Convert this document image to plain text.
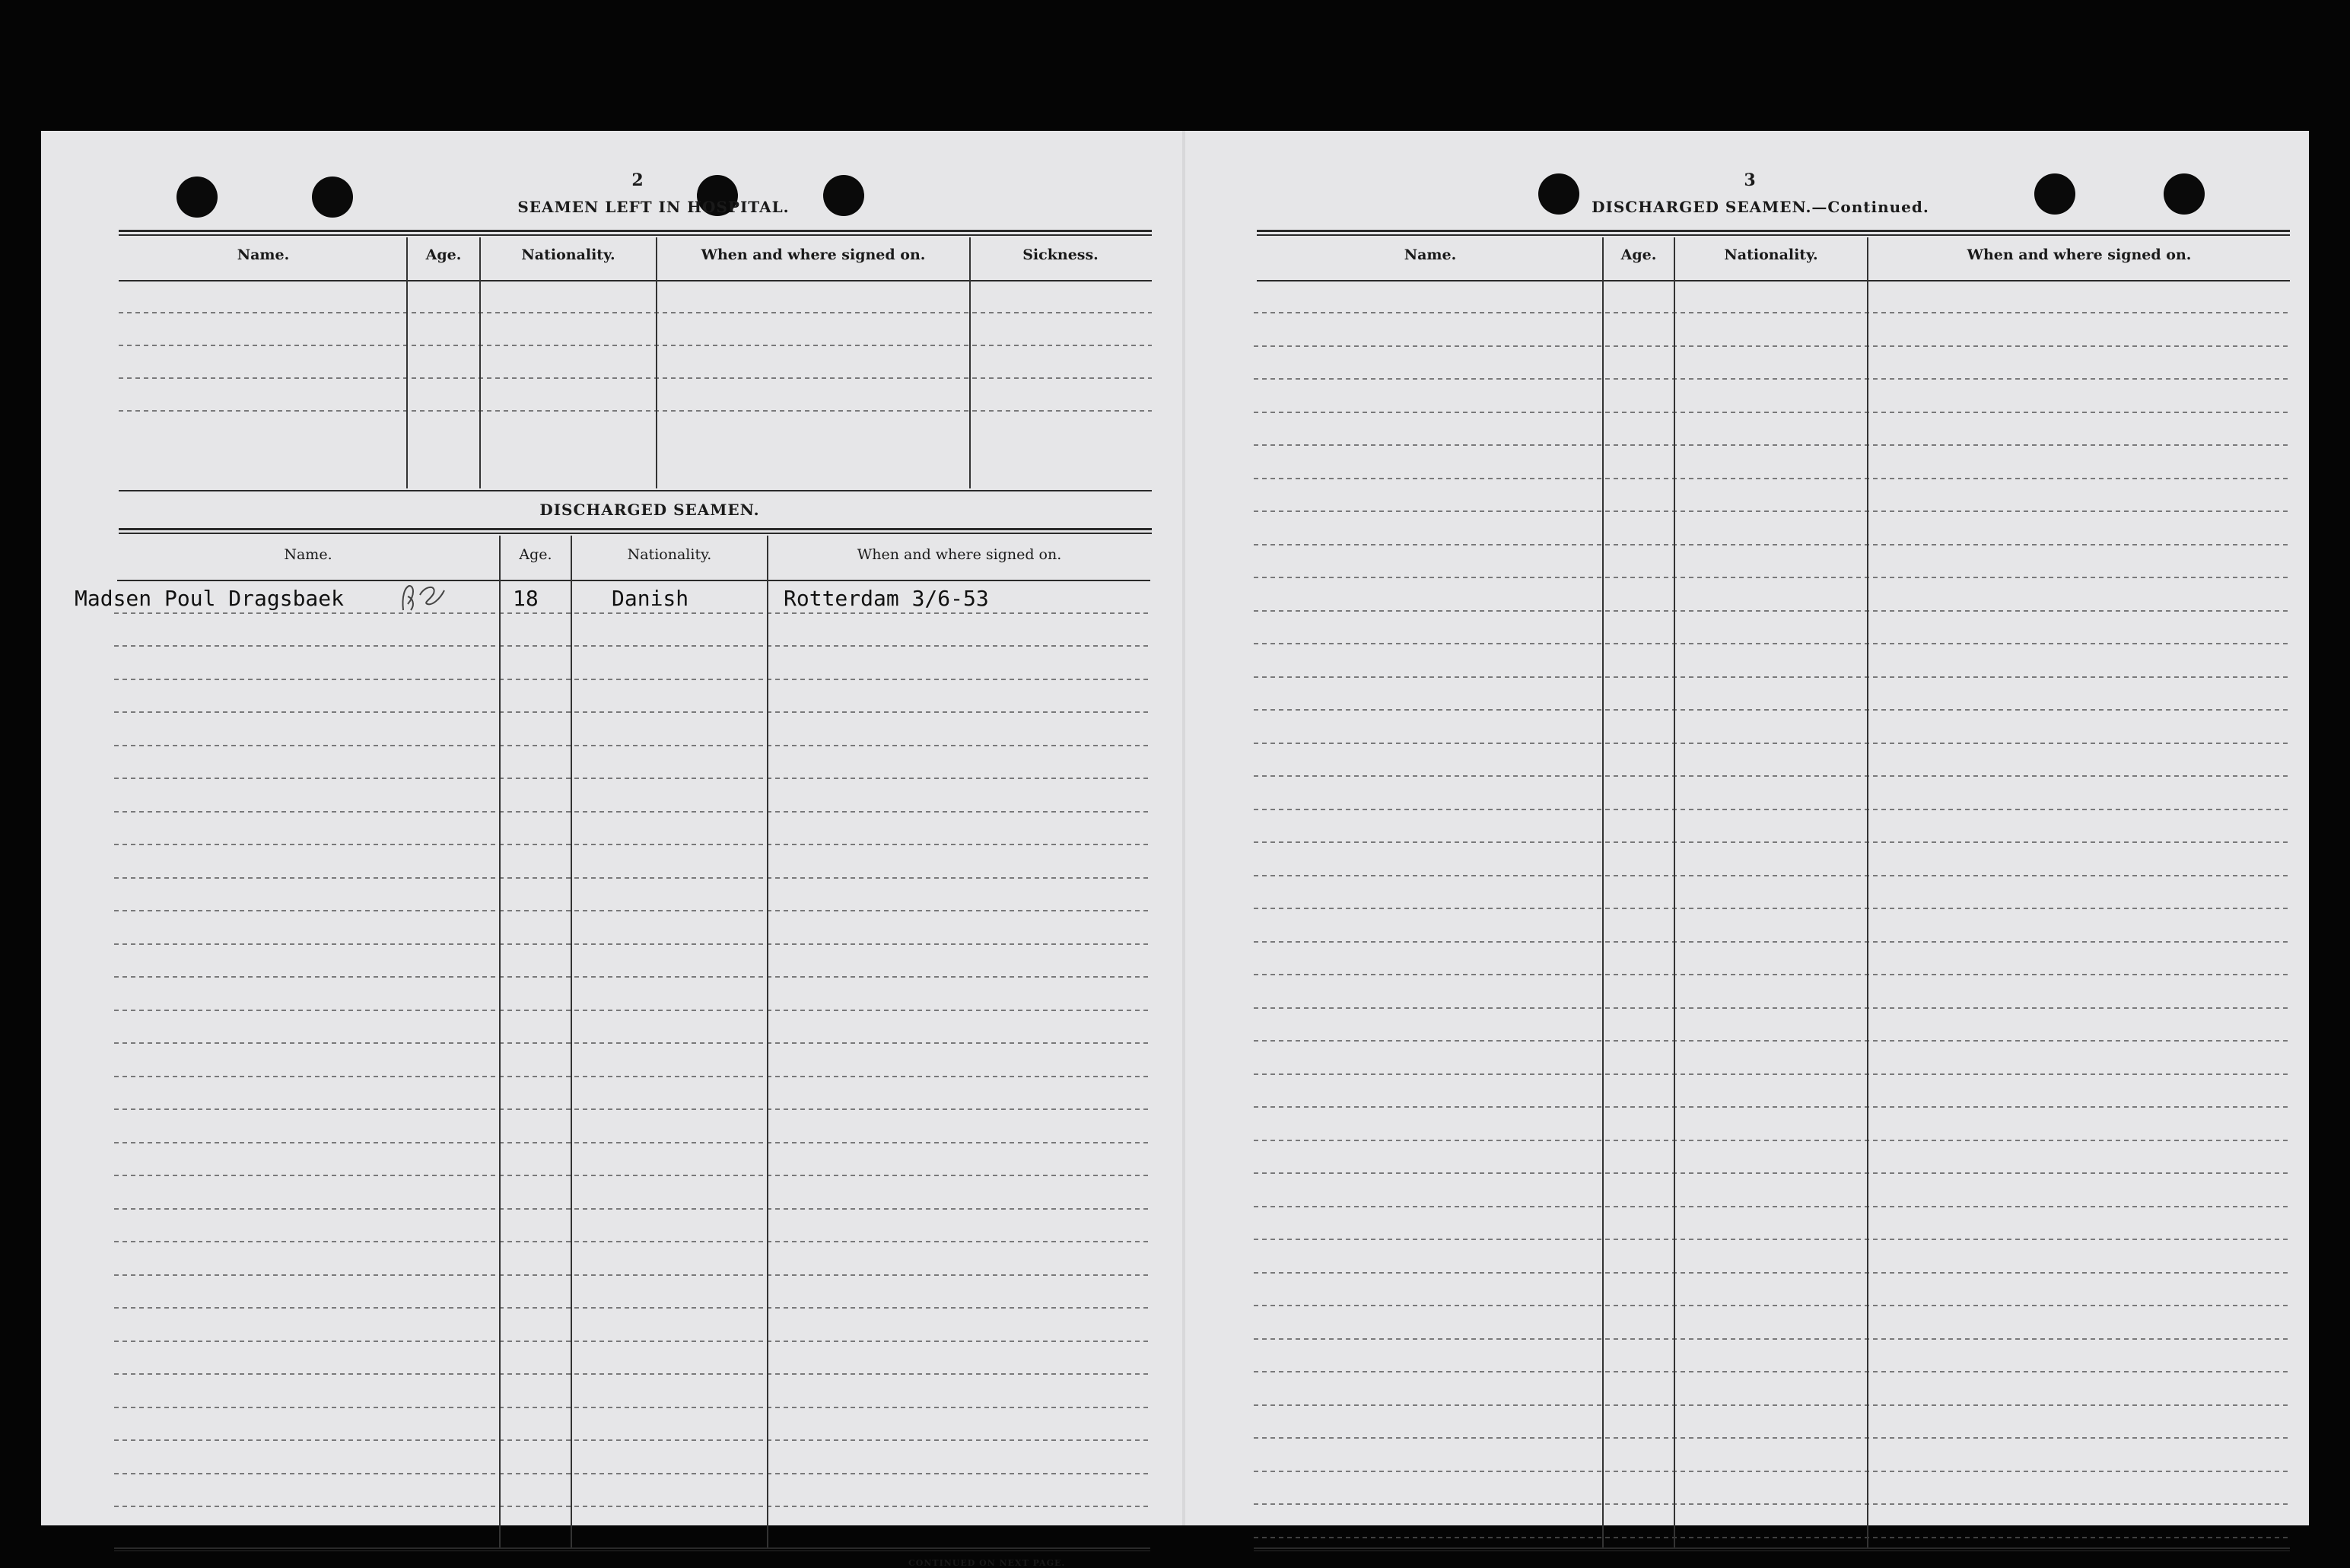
2
SEAMEN LEFT IN HOSPITAL.
Name.	Age.	Nationality.	When and where signed on.	Sickness.
DISCHARGED SEAMEN.
Name.	Age.	Nationality.	When and where signed on.
Madsen Poul Dragsbaek	18	Danish	Rotterdam 3/6-53
CONTINUED ON NEXT PAGE.
3
DISCHARGED SEAMEN.—Continued.
Name.	Age.	Nationality.	When and where signed on.
